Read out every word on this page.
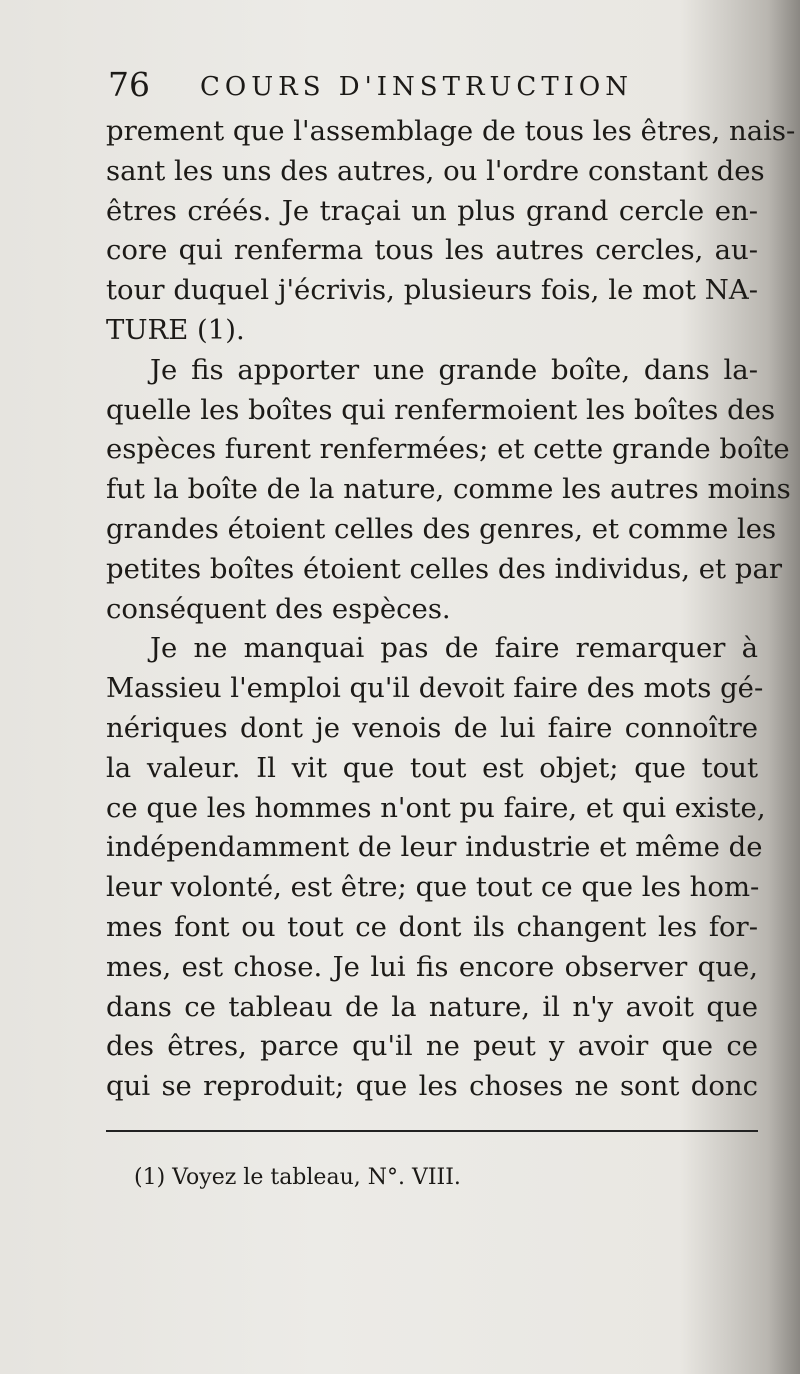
76 COURS D'INSTRUCTION
prement que l'assemblage de tous les êtres, nais-
sant les uns des autres, ou l'ordre constant des
êtres créés. Je traçai un plus grand cercle en-
core qui renferma tous les autres cercles, au-
tour duquel j'écrivis, plusieurs fois, le mot NA-
TURE (1).
Je fis apporter une grande boîte, dans la-
quelle les boîtes qui renfermoient les boîtes des
espèces furent renfermées; et cette grande boîte
fut la boîte de la nature, comme les autres moins
grandes étoient celles des genres, et comme les
petites boîtes étoient celles des individus, et par
conséquent des espèces.
Je ne manquai pas de faire remarquer à
Massieu l'emploi qu'il devoit faire des mots gé-
nériques dont je venois de lui faire connoître
la valeur. Il vit que tout est objet; que tout
ce que les hommes n'ont pu faire, et qui existe,
indépendamment de leur industrie et même de
leur volonté, est être; que tout ce que les hom-
mes font ou tout ce dont ils changent les for-
mes, est chose. Je lui fis encore observer que,
dans ce tableau de la nature, il n'y avoit que
des êtres, parce qu'il ne peut y avoir que ce
qui se reproduit; que les choses ne sont donc
(1) Voyez le tableau, N°. VIII.
